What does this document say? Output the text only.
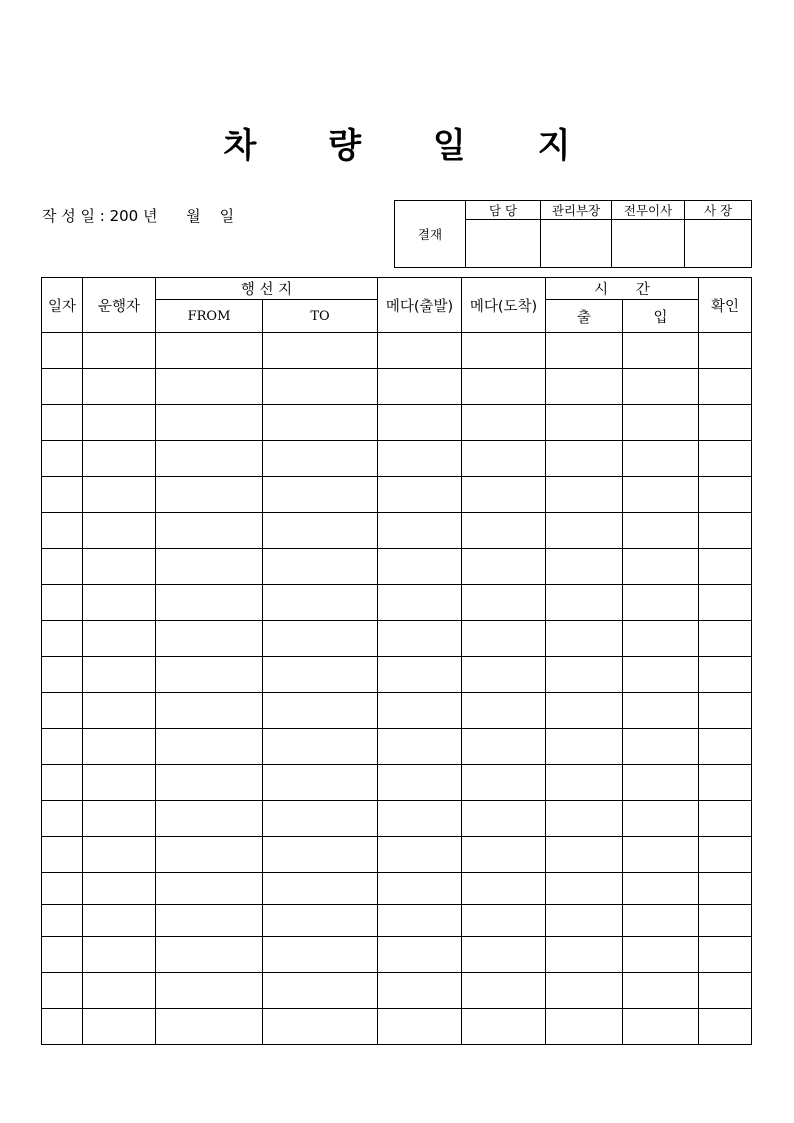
차 량 일 지
작 성 일 : 200 년      월    일
결재	담 당	관리부장	전무이사	사 장

일자	운행자	행 선 지		메다(출발)	메다(도착)	시      간		확인
		FROM	TO			출	입	
